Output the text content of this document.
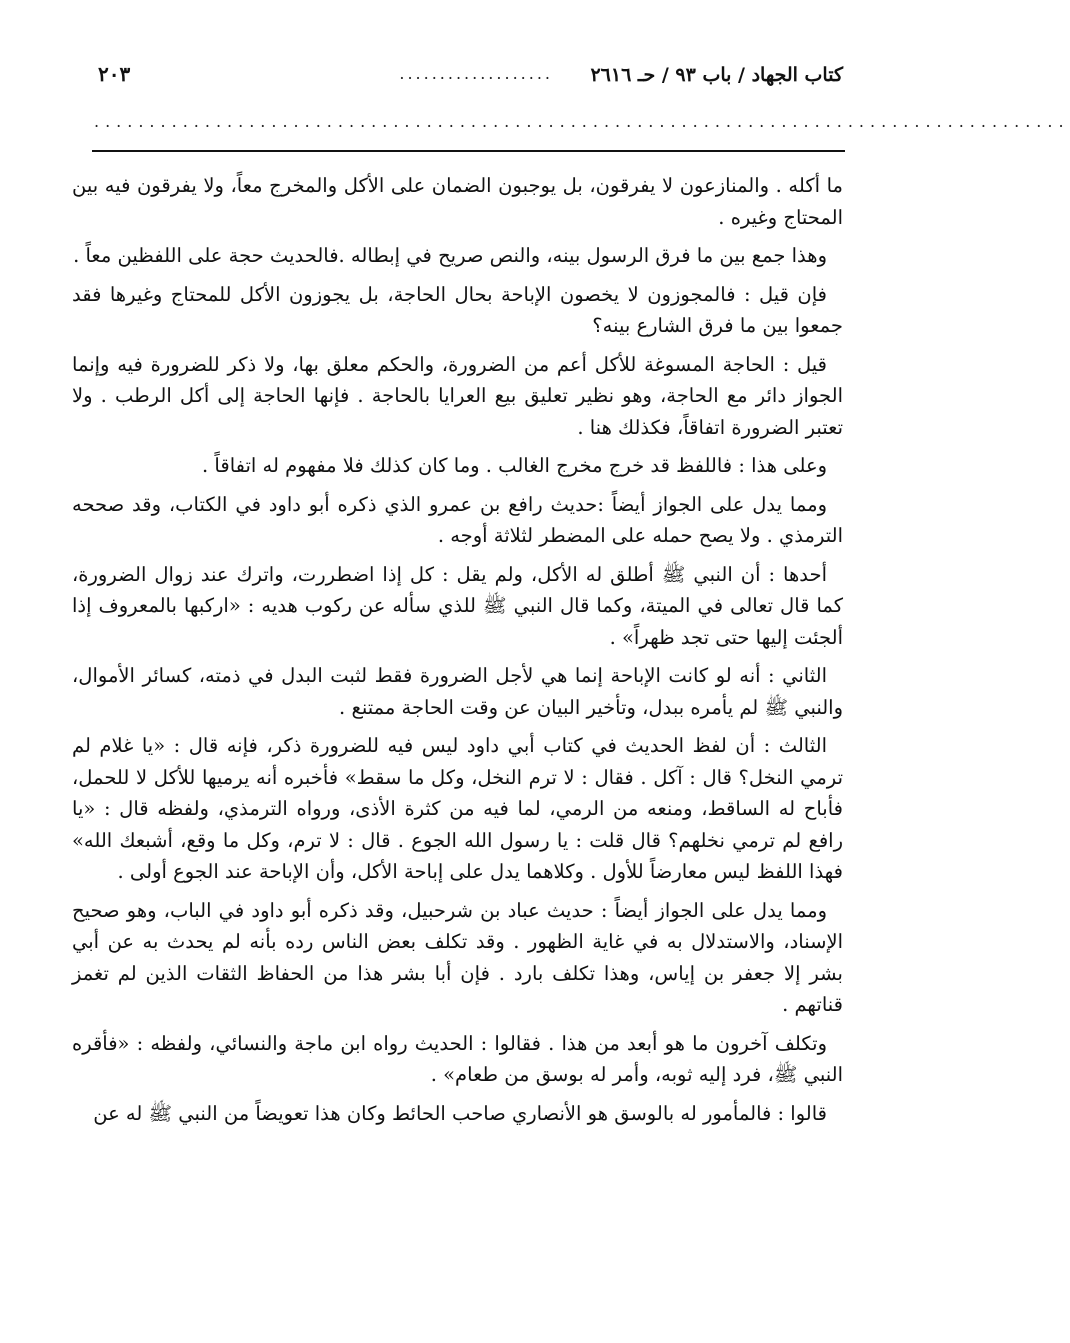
كتاب الجهاد / باب ٩٣ / حـ ٢٦١٦
...................
٢٠٣
........................................................................................

ما أكله . والمنازعون لا يفرقون، بل يوجبون الضمان على الأكل والمخرج معاً، ولا يفرقون فيه بين المحتاج وغيره .

وهذا جمع بين ما فرق الرسول بينه، والنص صريح في إبطاله .فالحديث حجة على اللفظين معاً .

فإن قيل : فالمجوزون لا يخصون الإباحة بحال الحاجة، بل يجوزون الأكل للمحتاج وغيرها فقد جمعوا بين ما فرق الشارع بينه؟

قيل : الحاجة المسوغة للأكل أعم من الضرورة، والحكم معلق بها، ولا ذكر للضرورة فيه وإنما الجواز دائر مع الحاجة، وهو نظير تعليق بيع العرايا بالحاجة . فإنها الحاجة إلى أكل الرطب . ولا تعتبر الضرورة اتفاقاً، فكذلك هنا .

وعلى هذا : فاللفظ قد خرج مخرج الغالب . وما كان كذلك فلا مفهوم له اتفاقاً .

ومما يدل على الجواز أيضاً :حديث رافع بن عمرو الذي ذكره أبو داود في الكتاب، وقد صححه الترمذي . ولا يصح حمله على المضطر لثلاثة أوجه .

أحدها : أن النبي ﷺ أطلق له الأكل، ولم يقل : كل إذا اضطررت، واترك عند زوال الضرورة، كما قال تعالى في الميتة، وكما قال النبي ﷺ للذي سأله عن ركوب هديه : «اركبها بالمعروف إذا ألجئت إليها حتى تجد ظهراً» .

الثاني : أنه لو كانت الإباحة إنما هي لأجل الضرورة فقط لثبت البدل في ذمته، كسائر الأموال، والنبي ﷺ لم يأمره ببدل، وتأخير البيان عن وقت الحاجة ممتنع .

الثالث : أن لفظ الحديث في كتاب أبي داود ليس فيه للضرورة ذكر، فإنه قال : «يا غلام لم ترمي النخل؟ قال : آكل . فقال : لا ترم النخل، وكل ما سقط» فأخبره أنه يرميها للأكل لا للحمل، فأباح له الساقط، ومنعه من الرمي، لما فيه من كثرة الأذى، ورواه الترمذي، ولفظه قال : «يا رافع لم ترمي نخلهم؟ قال قلت : يا رسول الله الجوع . قال : لا ترم، وكل ما وقع، أشبعك الله» فهذا اللفظ ليس معارضاً للأول . وكلاهما يدل على إباحة الأكل، وأن الإباحة عند الجوع أولى .

ومما يدل على الجواز أيضاً : حديث عباد بن شرحبيل، وقد ذكره أبو داود في الباب، وهو صحيح الإسناد، والاستدلال به في غاية الظهور . وقد تكلف بعض الناس رده بأنه لم يحدث به عن أبي بشر إلا جعفر بن إياس، وهذا تكلف بارد . فإن أبا بشر هذا من الحفاظ الثقات الذين لم تغمز قناتهم .

وتكلف آخرون ما هو أبعد من هذا . فقالوا : الحديث رواه ابن ماجة والنسائي، ولفظه : «فأقره النبي ﷺ، فرد إليه ثوبه، وأمر له بوسق من طعام» .

قالوا : فالمأمور له بالوسق هو الأنصاري صاحب الحائط وكان هذا تعويضاً من النبي ﷺ له عن
